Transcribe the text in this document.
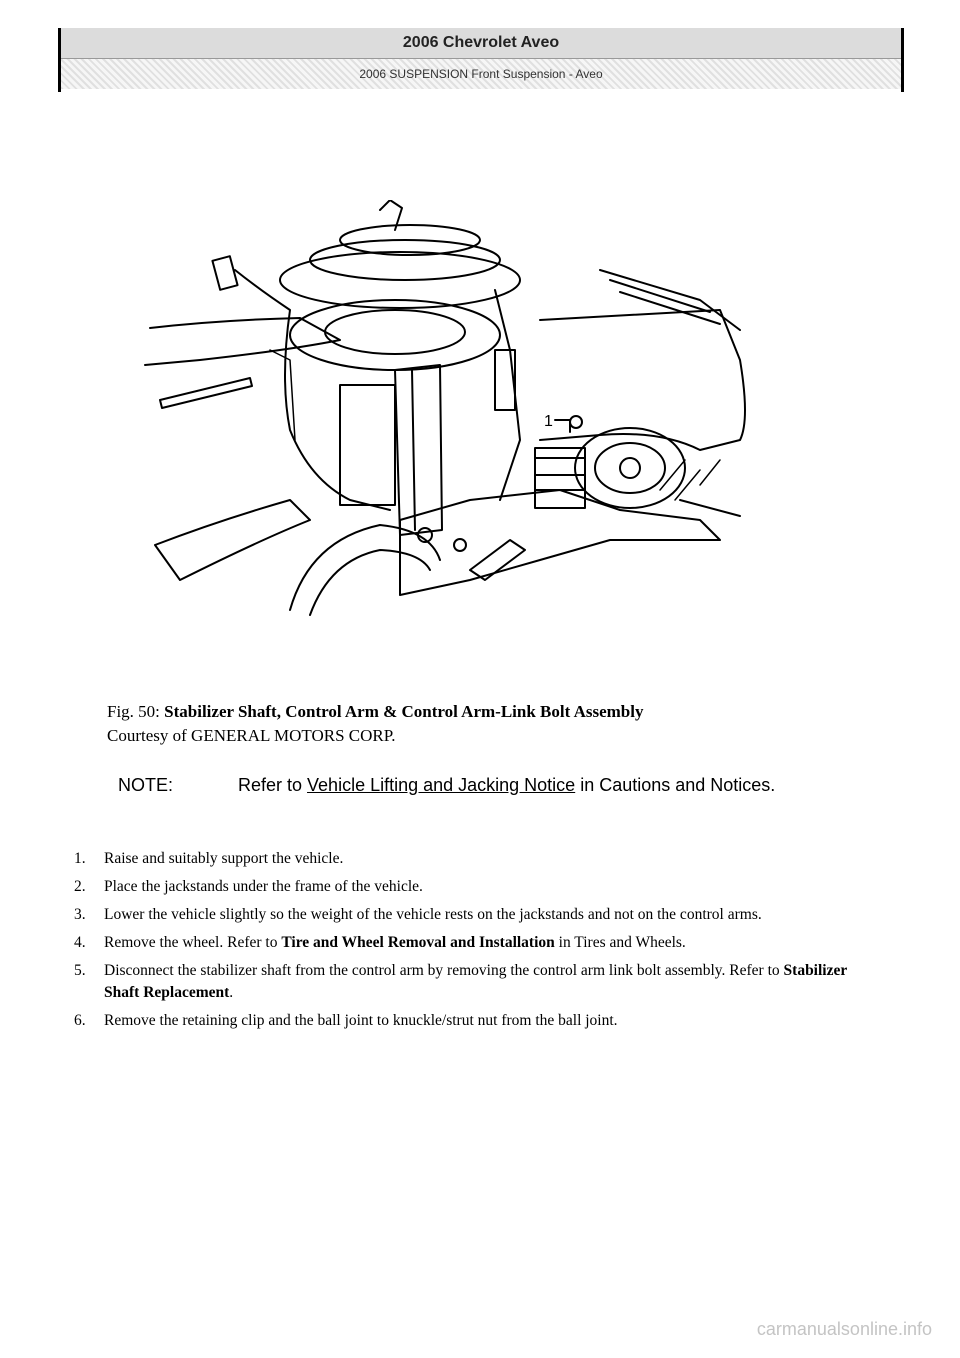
2006 Chevrolet Aveo
2006 SUSPENSION Front Suspension - Aveo
1
Fig. 50: Stabilizer Shaft, Control Arm & Control Arm-Link Bolt Assembly
Courtesy of GENERAL MOTORS CORP.
NOTE:	Refer to Vehicle Lifting and Jacking Notice in Cautions and Notices.
1.	Raise and suitably support the vehicle.
2.	Place the jackstands under the frame of the vehicle.
3.	Lower the vehicle slightly so the weight of the vehicle rests on the jackstands and not on the control arms.
4.	Remove the wheel. Refer to Tire and Wheel Removal and Installation in Tires and Wheels.
5.	Disconnect the stabilizer shaft from the control arm by removing the control arm link bolt assembly. Refer to Stabilizer Shaft Replacement.
6.	Remove the retaining clip and the ball joint to knuckle/strut nut from the ball joint.
carmanualsonline.info
